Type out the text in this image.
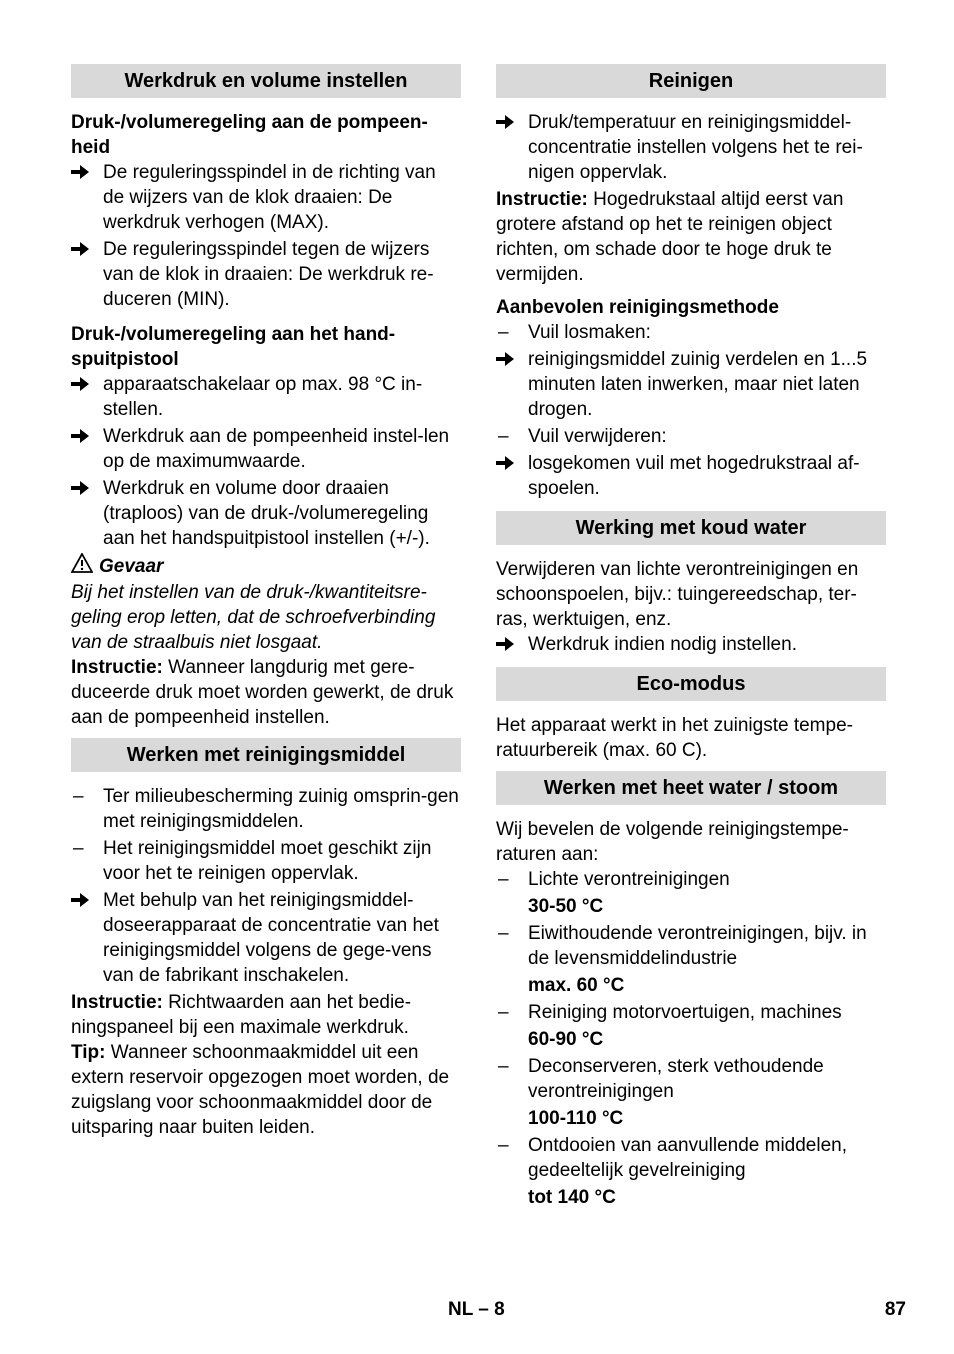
Werkdruk en volume instellen
Druk-/volumeregeling aan de pompeen-heid
De reguleringsspindel in de richting van de wijzers van de klok draaien: De werkdruk verhogen (MAX).
De reguleringsspindel tegen de wijzers van de klok in draaien: De werkdruk re-duceren (MIN).
Druk-/volumeregeling aan het hand-spuitpistool
apparaatschakelaar op max. 98 °C in-stellen.
Werkdruk aan de pompeenheid instel-len op de maximumwaarde.
Werkdruk en volume door draaien (traploos) van de druk-/volumeregeling aan het handspuitpistool instellen (+/-).
Gevaar
Bij het instellen van de druk-/kwantiteitsre-geling erop letten, dat de schroefverbinding van de straalbuis niet losgaat.
Instructie: Wanneer langdurig met gere-duceerde druk moet worden gewerkt, de druk aan de pompeenheid instellen.
Werken met reinigingsmiddel
–	Ter milieubescherming zuinig omsprin-gen met reinigingsmiddelen.
–	Het reinigingsmiddel moet geschikt zijn voor het te reinigen oppervlak.
Met behulp van het reinigingsmiddel-doseerapparaat de concentratie van het reinigingsmiddel volgens de gege-vens van de fabrikant inschakelen.
Instructie: Richtwaarden aan het bedie-ningspaneel bij een maximale werkdruk.
Tip: Wanneer schoonmaakmiddel uit een extern reservoir opgezogen moet worden, de zuigslang voor schoonmaakmiddel door de uitsparing naar buiten leiden.
Reinigen
Druk/temperatuur en reinigingsmiddel-concentratie instellen volgens het te rei-nigen oppervlak.
Instructie: Hogedrukstaal altijd eerst van grotere afstand op het te reinigen object richten, om schade door te hoge druk te vermijden.
Aanbevolen reinigingsmethode
–	Vuil losmaken:
reinigingsmiddel zuinig verdelen en 1...5 minuten laten inwerken, maar niet laten drogen.
–	Vuil verwijderen:
losgekomen vuil met hogedrukstraal af-spoelen.
Werking met koud water
Verwijderen van lichte verontreinigingen en schoonspoelen, bijv.: tuingereedschap, ter-ras, werktuigen, enz.
Werkdruk indien nodig instellen.
Eco-modus
Het apparaat werkt in het zuinigste tempe-ratuurbereik (max. 60 C).
Werken met heet water / stoom
Wij bevelen de volgende reinigingstempe-raturen aan:
–	Lichte verontreinigingen
30-50 °C
–	Eiwithoudende verontreinigingen, bijv. in de levensmiddelindustrie
max. 60 °C
–	Reiniging motorvoertuigen, machines
60-90 °C
–	Deconserveren, sterk vethoudende verontreinigingen
100-110 °C
–	Ontdooien van aanvullende middelen, gedeeltelijk gevelreiniging
tot 140 °C
NL – 8	87
